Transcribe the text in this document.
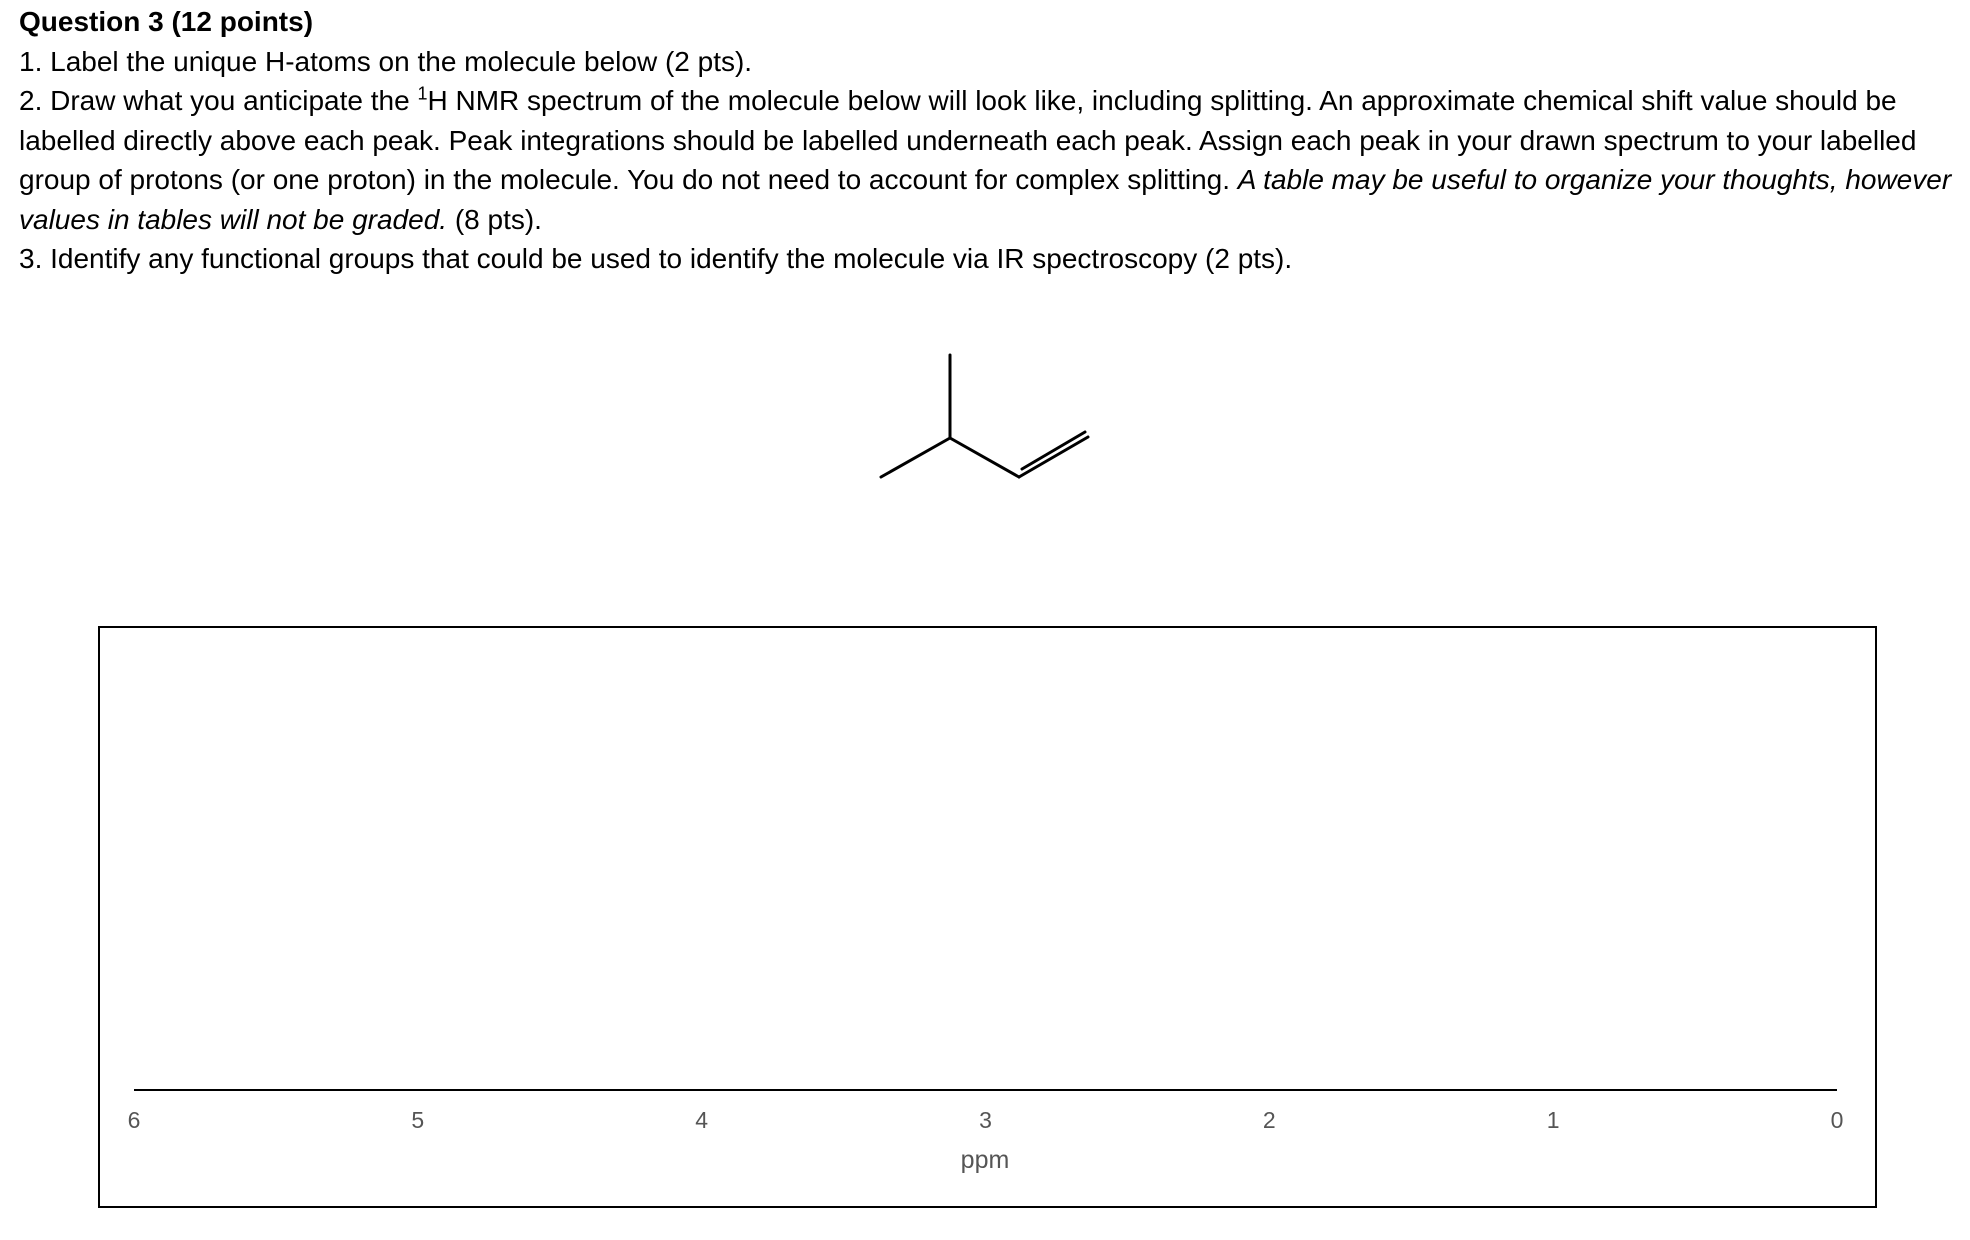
Question 3 (12 points)

1. Label the unique H-atoms on the molecule below (2 pts).

2. Draw what you anticipate the $^1$H NMR spectrum of the molecule below will look like, including splitting. An approximate chemical shift value should be labelled directly above each peak. Peak integrations should be labelled underneath each peak. Assign each peak in your drawn spectrum to your labelled group of protons (or one proton) in the molecule. You do not need to account for complex splitting. A table may be useful to organize your thoughts, however values in tables will not be graded. (8 pts).

3. Identify any functional groups that could be used to identify the molecule via IR spectroscopy (2 pts).

6	5	4	3	2	1	0
ppm
